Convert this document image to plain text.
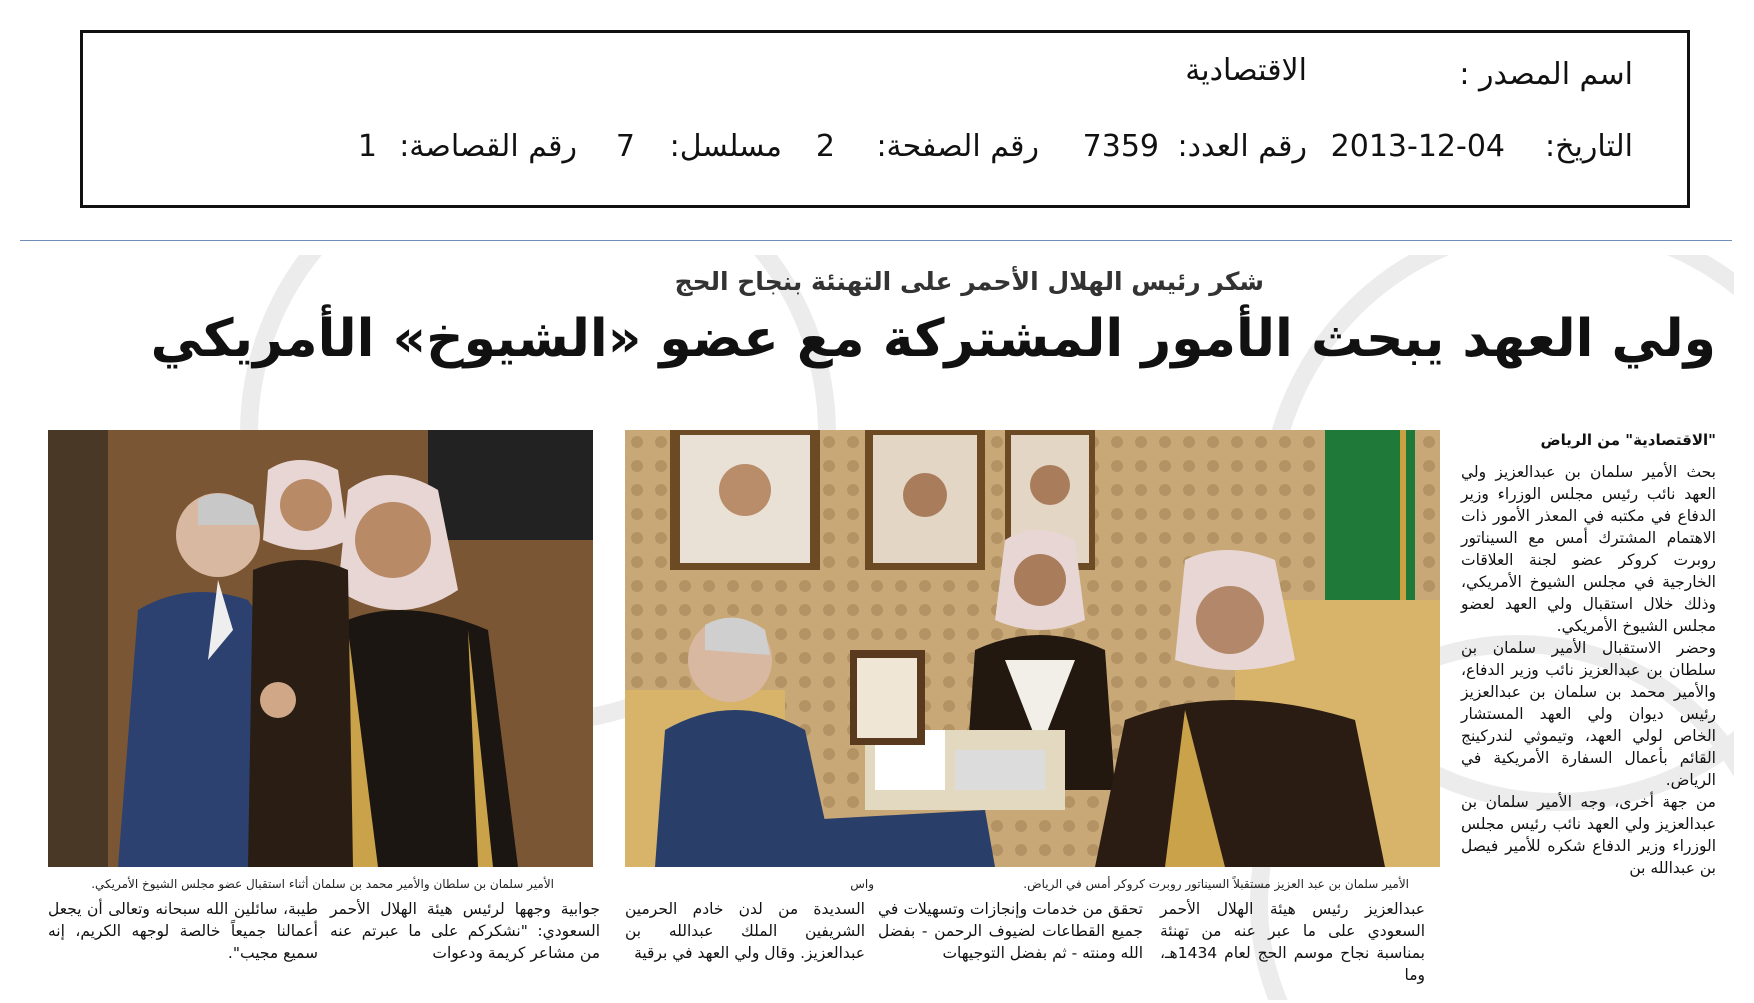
اسم المصدر :
الاقتصادية
التاريخ:
2013-12-04
رقم العدد:
7359
رقم الصفحة:
2
مسلسل:
7
رقم القصاصة:
1
شكر رئيس الهلال الأحمر على التهنئة بنجاح الحج
ولي العهد يبحث الأمور المشتركة مع عضو «الشيوخ» الأمريكي
الأمير سلمان بن سلطان والأمير محمد بن سلمان أثناء استقبال عضو مجلس الشيوخ الأمريكي.	الأمير سلمان بن عبد العزيز مستقبلاً السيناتور روبرت كروكر أمس في الرياض.
واس
"الاقتصادية" من الرياض

بحث الأمير سلمان بن عبدالعزيز ولي العهد نائب رئيس مجلس الوزراء وزير الدفاع في مكتبه في المعذر الأمور ذات الاهتمام المشترك أمس مع السيناتور روبرت كروكر عضو لجنة العلاقات الخارجية في مجلس الشيوخ الأمريكي، وذلك خلال استقبال ولي العهد لعضو مجلس الشيوخ الأمريكي.

وحضر الاستقبال الأمير سلمان بن سلطان بن عبدالعزيز نائب وزير الدفاع، والأمير محمد بن سلمان بن عبدالعزيز رئيس ديوان ولي العهد المستشار الخاص لولي العهد، وتيموثي لندركينج القائم بأعمال السفارة الأمريكية في الرياض.

من جهة أخرى، وجه الأمير سلمان بن عبدالعزيز ولي العهد نائب رئيس مجلس الوزراء وزير الدفاع شكره للأمير فيصل بن عبدالله بن

عبدالعزيز رئيس هيئة الهلال الأحمر السعودي على ما عبر عنه من تهنئة بمناسبة نجاح موسم الحج لعام 1434هـ، وما
تحقق من خدمات وإنجازات وتسهيلات في جميع القطاعات لضيوف الرحمن - بفضل الله ومنته - ثم بفضل التوجيهات
السديدة من لدن خادم الحرمين الشريفين الملك عبدالله بن عبدالعزيز. وقال ولي العهد في برقية
جوابية وجهها لرئيس هيئة الهلال الأحمر السعودي: "نشكركم على ما عبرتم عنه من مشاعر كريمة ودعوات
طيبة، سائلين الله سبحانه وتعالى أن يجعل أعمالنا جميعاً خالصة لوجهه الكريم، إنه سميع مجيب".
